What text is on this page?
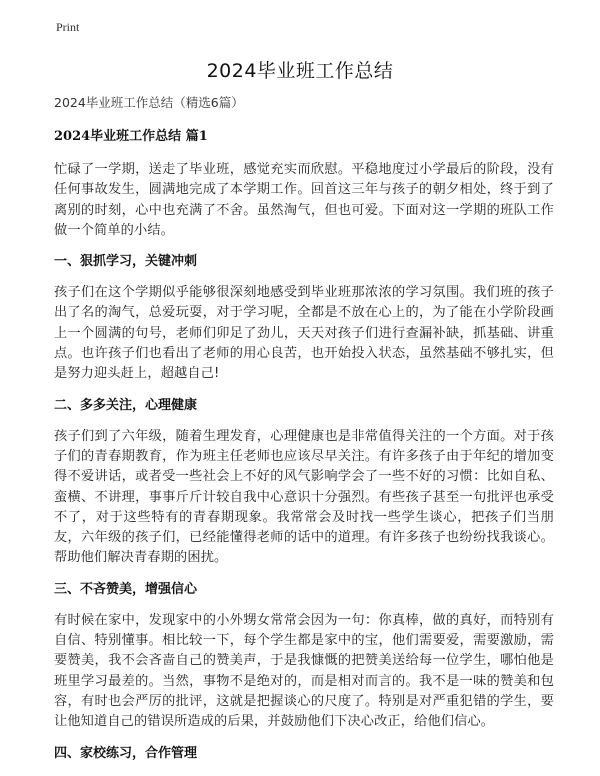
Print
2024毕业班工作总结

2024毕业班工作总结（精选6篇）

2024毕业班工作总结 篇1

忙碌了一学期，送走了毕业班，感觉充实而欣慰。平稳地度过小学最后的阶段，没有任何事故发生，圆满地完成了本学期工作。回首这三年与孩子的朝夕相处，终于到了离别的时刻，心中也充满了不舍。虽然淘气，但也可爱。下面对这一学期的班队工作做一个简单的小结。

一、狠抓学习，关键冲刺

孩子们在这个学期似乎能够很深刻地感受到毕业班那浓浓的学习氛围。我们班的孩子出了名的淘气，总爱玩耍，对于学习呢，全都是不放在心上的，为了能在小学阶段画上一个圆满的句号，老师们卯足了劲儿，天天对孩子们进行查漏补缺，抓基础、讲重点。也许孩子们也看出了老师的用心良苦，也开始投入状态，虽然基础不够扎实，但是努力迎头赶上，超越自己!

二、多多关注，心理健康

孩子们到了六年级，随着生理发育，心理健康也是非常值得关注的一个方面。对于孩子们的青春期教育，作为班主任老师也应该尽早关注。有许多孩子由于年纪的增加变得不爱讲话，或者受一些社会上不好的风气影响学会了一些不好的习惯：比如自私、蛮横、不讲理，事事斤斤计较自我中心意识十分强烈。有些孩子甚至一句批评也承受不了，对于这些特有的青春期现象。我常常会及时找一些学生谈心，把孩子们当朋友，六年级的孩子们，已经能懂得老师的话中的道理。有许多孩子也纷纷找我谈心。帮助他们解决青春期的困扰。

三、不吝赞美，增强信心

有时候在家中，发现家中的小外甥女常常会因为一句：你真棒，做的真好，而特别有自信、特别懂事。相比较一下，每个学生都是家中的宝，他们需要爱，需要激励，需要赞美，我不会吝啬自己的赞美声，于是我慷慨的把赞美送给每一位学生，哪怕他是班里学习最差的。当然，事物不是绝对的，而是相对而言的。我不是一味的赞美和包容，有时也会严厉的批评，这就是把握谈心的尺度了。特别是对严重犯错的学生，要让他知道自己的错误所造成的后果，并鼓励他们下决心改正，给他们信心。

四、家校练习，合作管理
